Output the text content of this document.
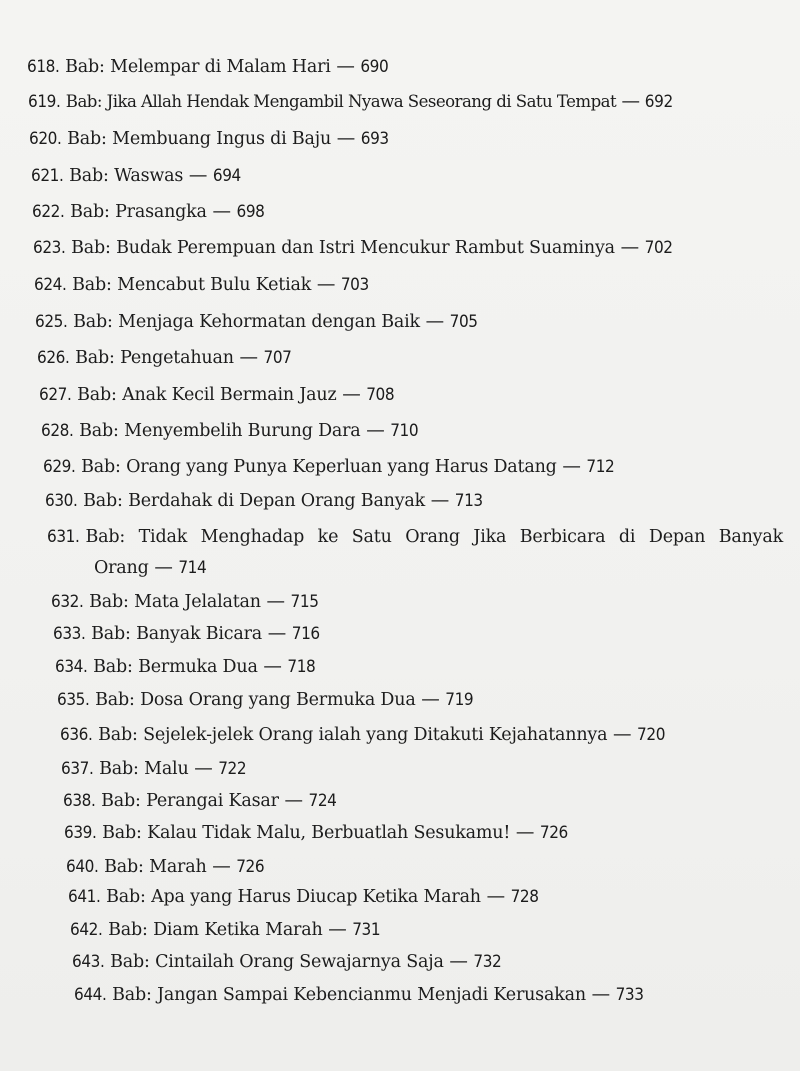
618. Bab: Melempar di Malam Hari — 690
619. Bab: Jika Allah Hendak Mengambil Nyawa Seseorang di Satu Tempat — 692
620. Bab: Membuang Ingus di Baju — 693
621. Bab: Waswas — 694
622. Bab: Prasangka — 698
623. Bab: Budak Perempuan dan Istri Mencukur Rambut Suaminya — 702
624. Bab: Mencabut Bulu Ketiak — 703
625. Bab: Menjaga Kehormatan dengan Baik — 705
626. Bab: Pengetahuan — 707
627. Bab: Anak Kecil Bermain Jauz — 708
628. Bab: Menyembelih Burung Dara — 710
629. Bab: Orang yang Punya Keperluan yang Harus Datang — 712
630. Bab: Berdahak di Depan Orang Banyak — 713
631. Bab: Tidak Menghadap ke Satu Orang Jika Berbicara di Depan Banyak
Orang — 714
632. Bab: Mata Jelalatan — 715
633. Bab: Banyak Bicara — 716
634. Bab: Bermuka Dua — 718
635. Bab: Dosa Orang yang Bermuka Dua — 719
636. Bab: Sejelek-jelek Orang ialah yang Ditakuti Kejahatannya — 720
637. Bab: Malu — 722
638. Bab: Perangai Kasar — 724
639. Bab: Kalau Tidak Malu, Berbuatlah Sesukamu! — 726
640. Bab: Marah — 726
641. Bab: Apa yang Harus Diucap Ketika Marah — 728
642. Bab: Diam Ketika Marah — 731
643. Bab: Cintailah Orang Sewajarnya Saja — 732
644. Bab: Jangan Sampai Kebencianmu Menjadi Kerusakan — 733
